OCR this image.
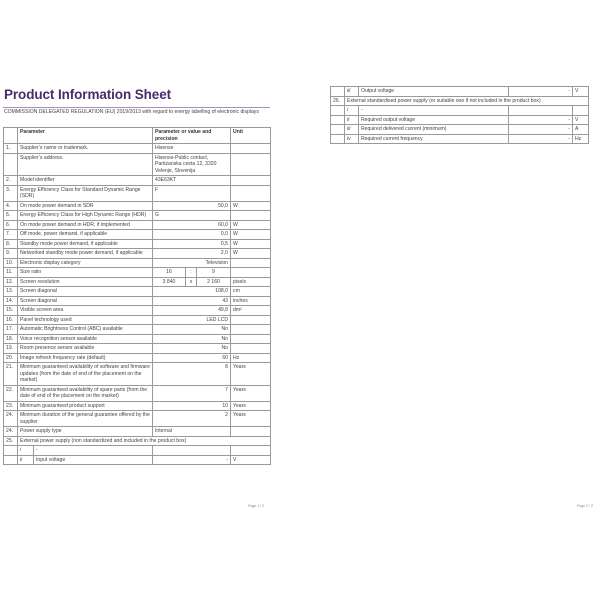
Product Information Sheet
COMMISSION DELEGATED REGULATION (EU) 2019/2013 with regard to energy labelling of electronic displays
	Parameter		Parameter or value and precision			Unit
1.	Supplier’s name or trademark.		Hisense			
	Supplier’s address.		Hisense-Public contact, Partizanska cesta 12, 3320 Velenje, Slovenija			
2.	Model identifier		43E63KT			
3.	Energy Efficiency Class for Standard Dynamic Range (SDR)		F			
4.	On mode power demand in SDR		50,0			W
5.	Energy Efficiency Class for High Dynamic Range (HDR)		G			
6.	On mode power demand in HDR, if implemented		60,0			W
7.	Off mode, power demand, if applicable		0,0			W
8.	Standby mode power demand, if applicable		0,5			W
9.	Networked standby mode power demand, if applicable		2,0			W
10.	Electronic display category		Television			
11.	Size ratio		16	:	9	
12.	Screen resolution		3 840	x	2 160	pixels
13.	Screen diagonal		108,0			cm
14.	Screen diagonal		43			inches
15.	Visible screen area		49,8			dm²
16.	Panel technology used		LED LCD			
17.	Automatic Brightness Control (ABC) available		No			
18.	Voice recognition sensor available		No			
19.	Room presence sensor available		No			
20.	Image refresh frequency rate (default)		60			Hz
21.	Minimum guaranteed availability of software and firmware updates (from the date of end of the placement on the market)		8			Years
22.	Minimum guaranteed availability of spare parts (from the date of end of the placement on the market)		7			Years
23.	Minimum guaranteed product support		10			Years
24.	Minimum duration of the general guarantee offered by the supplier		2			Years
24.	Power supply type		Internal			
25.	External power supply (non standardized and included in the product box)					
	i	-				
	ii	Input voltage	-			V
Page 1 / 2
	iii	Output voltage	-	V
26.	External standardised power supply (or suitable one if not included in the product box)			
	i	-		
	ii	Required output voltage	-	V
	iii	Required delivered current (minimum)	-	A
	iv	Required current frequency	-	Hz
Page 2 / 2
